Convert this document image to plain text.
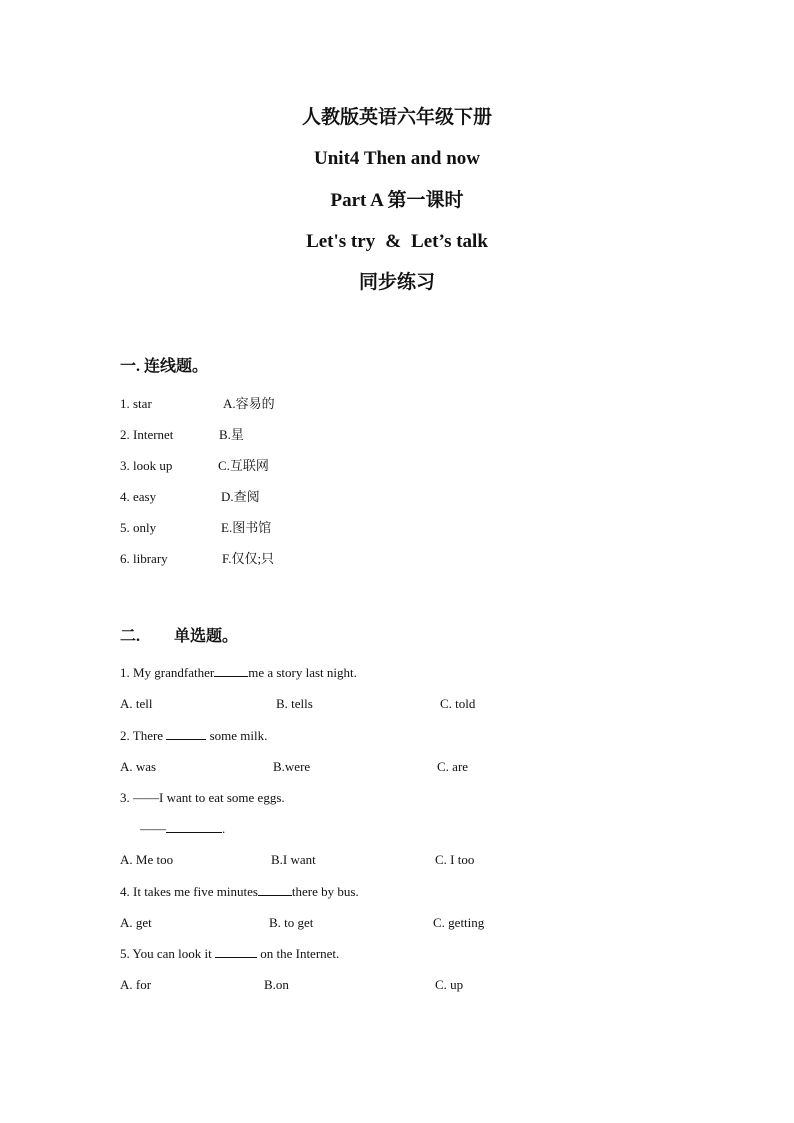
人教版英语六年级下册
Unit4 Then and now
Part A 第一课时
Let's try & Let’s talk
同步练习
一. 连线题。
1. star	A.容易的
2. Internet	B.星
3. look up	C.互联网
4. easy	D.查阅
5. only	E.图书馆
6. library	F.仅仅;只
二. 单选题。
1. My grandfather	me a story last night.
A. tell	B. tells	C. told
2. There	some milk.
A. was	B.were	C. are
3. ——I want to eat some eggs.
——	.
A. Me too	B.I want	C. I too
4. It takes me five minutes	there by bus.
A. get	B. to get	C. getting
5. You can look it	on the Internet.
A. for	B.on	C. up
